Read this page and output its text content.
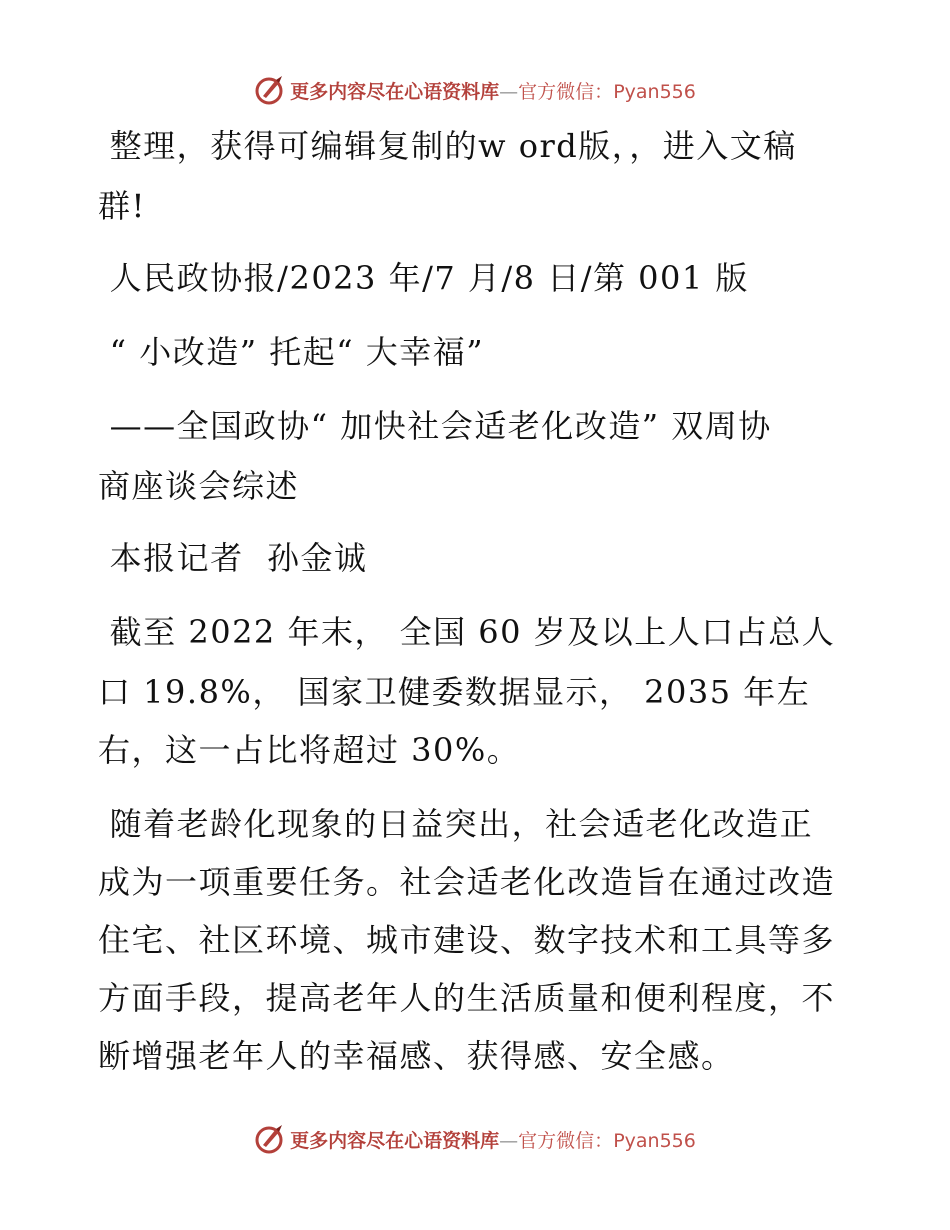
更多内容尽在心语资料库—官方微信：Pyan556
整理，获得可编辑复制的w ord版，，进入文稿
群!
人民政协报/2023 年/7 月/8 日/第 001 版
“ 小改造” 托起“ 大幸福”
——全国政协“ 加快社会适老化改造” 双周协
商座谈会综述
本报记者  孙金诚
截至 2022 年末， 全国 60 岁及以上人口占总人
口 19.8%， 国家卫健委数据显示， 2035 年左
右，这一占比将超过 30%。
随着老龄化现象的日益突出，社会适老化改造正
成为一项重要任务。社会适老化改造旨在通过改造
住宅、社区环境、城市建设、数字技术和工具等多
方面手段，提高老年人的生活质量和便利程度，不
断增强老年人的幸福感、获得感、安全感。
更多内容尽在心语资料库—官方微信：Pyan556
